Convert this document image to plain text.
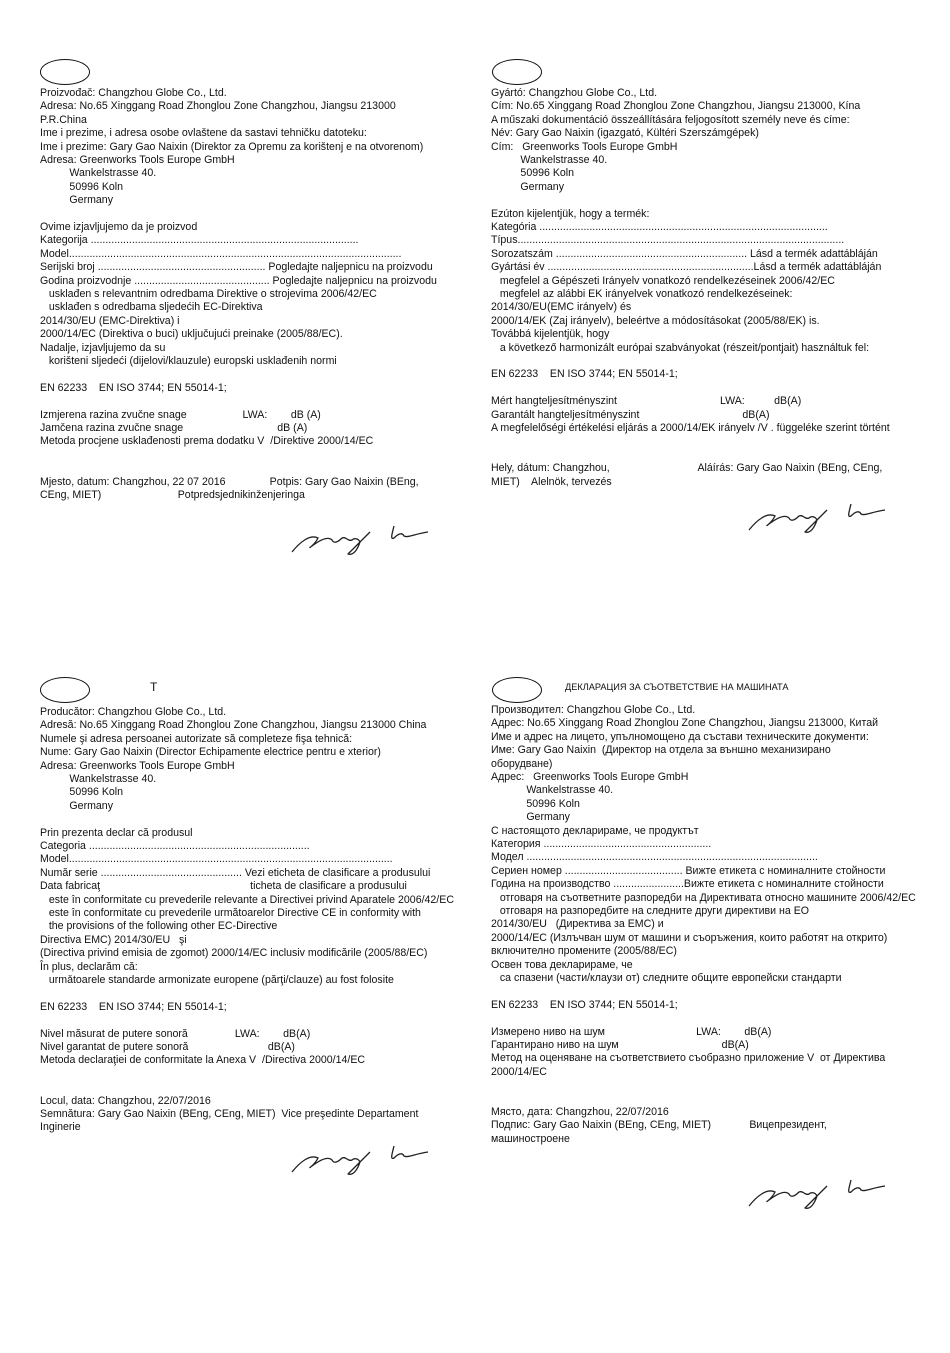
Proizvođač: Changzhou Globe Co., Ltd.
Adresa: No.65 Xinggang Road Zhonglou Zone Changzhou, Jiangsu 213000
P.R.China
Ime i prezime, i adresa osobe ovlaštene da sastavi tehničku datoteku:
Ime i prezime: Gary Gao Naixin (Direktor za Opremu za korištenj e na otvorenom)
Adresa: Greenworks Tools Europe GmbH
Wankelstrasse 40.
50996 Koln
Germany
Ovime izjavljujemo da je proizvod
Kategorija ...........................................................................................
Model.................................................................................................................
Serijski broj ......................................................... Pogledajte naljepnicu na proizvodu
Godina proizvodnje .............................................. Pogledajte naljepnicu na proizvodu
usklađen s relevantnim odredbama Direktive o strojevima 2006/42/EC
usklađen s odredbama sljedećih EC-Direktiva
2014/30/EU (EMC-Direktiva) i
2000/14/EC (Direktiva o buci) uključujući preinake (2005/88/EC).
Nadalje, izjavljujemo da su
korišteni sljedeći (dijelovi/klauzule) europski usklađenih normi
EN 62233    EN ISO 3744; EN 55014-1;
Izmjerena razina zvučne snage                   LWA:        dB (A)
Jamčena razina zvučne snage                                dB (A)
Metoda procjene usklađenosti prema dodatku V  /Direktive 2000/14/EC
Mjesto, datum: Changzhou, 22 07 2016               Potpis: Gary Gao Naixin (BEng,
CEng, MIET)                          Potpredsjednikinženjeringa
Gyártó: Changzhou Globe Co., Ltd.
Cím: No.65 Xinggang Road Zhonglou Zone Changzhou, Jiangsu 213000, Kína
A műszaki dokumentáció összeállítására feljogosított személy neve és címe:
Név: Gary Gao Naixin (igazgató, Kültéri Szerszámgépek)
Cím:   Greenworks Tools Europe GmbH
Wankelstrasse 40.
50996 Koln
Germany
Ezúton kijelentjük, hogy a termék:
Kategória ..................................................................................................
Típus...............................................................................................................
Sorozatszám ................................................................. Lásd a termék adattábláján
Gyártási év ......................................................................Lásd a termék adattábláján
megfelel a Gépészeti Irányelv vonatkozó rendelkezéseinek 2006/42/EC
megfelel az alábbi EK irányelvek vonatkozó rendelkezéseinek:
2014/30/EU(EMC irányelv) és
2000/14/EK (Zaj irányelv), beleértve a módosításokat (2005/88/EK) is.
Továbbá kijelentjük, hogy
a következő harmonizált európai szabványokat (részeit/pontjait) használtuk fel:
EN 62233    EN ISO 3744; EN 55014-1;
Mért hangteljesítményszint                                   LWA:          dB(A)
Garantált hangteljesítményszint                                   dB(A)
A megfelelőségi értékelési eljárás a 2000/14/EK irányelv /V . függeléke szerint történt
Hely, dátum: Changzhou,                              Aláírás: Gary Gao Naixin (BEng, CEng,
MIET)    Alelnök, tervezés
T
Producător: Changzhou Globe Co., Ltd.
Adresă: No.65 Xinggang Road Zhonglou Zone Changzhou, Jiangsu 213000 China
Numele şi adresa persoanei autorizate să completeze fişa tehnică:
Nume: Gary Gao Naixin (Director Echipamente electrice pentru e xterior)
Adresa: Greenworks Tools Europe GmbH
Wankelstrasse 40.
50996 Koln
Germany
Prin prezenta declar că produsul
Categoria ...........................................................................
Model..............................................................................................................
Număr serie ................................................ Vezi eticheta de clasificare a produsului
Data fabricaţ                                                   ticheta de clasificare a produsului
este în conformitate cu prevederile relevante a Directivei privind Aparatele 2006/42/EC
este în conformitate cu prevederile următoarelor Directive CE in conformity with
the provisions of the following other EC-Directive
Directiva EMC) 2014/30/EU   şi
(Directiva privind emisia de zgomot) 2000/14/EC inclusiv modificările (2005/88/EC)
În plus, declarăm că:
urmǎtoarele standarde armonizate europene (părţi/clauze) au fost folosite
EN 62233    EN ISO 3744; EN 55014-1;
Nivel măsurat de putere sonoră                LWA:        dB(A)
Nivel garantat de putere sonoră                           dB(A)
Metoda declaraţiei de conformitate la Anexa V  /Directiva 2000/14/EC
Locul, data: Changzhou, 22/07/2016
Semnătura: Gary Gao Naixin (BEng, CEng, MIET)  Vice preşedinte Departament
Inginerie
ДЕКЛАРАЦИЯ ЗА СЪОТВЕТСТВИЕ НА МАШИНАТА
Производител: Changzhou Globe Co., Ltd.
Адрес: No.65 Xinggang Road Zhonglou Zone Changzhou, Jiangsu 213000, Китай
Име и адрес на лицето, упълномощено да състави техническите документи:
Име: Gary Gao Naixin  (Директор на отдела за външно механизирано
оборудване)
Адрес:   Greenworks Tools Europe GmbH
Wankelstrasse 40.
50996 Koln
Germany
С настоящото декларираме, че продуктът
Категория .........................................................
Модел ...................................................................................................
Сериен номер ........................................ Вижте етикета с номиналните стойности
Година на производство ........................Вижте етикета с номиналните стойности
отговаря на съответните разпоредби на Директивата относно машините 2006/42/EC
отговаря на разпоредбите на следните други директиви на ЕО
2014/30/EU   (Директива за EMC) и
2000/14/EC (Излъчван шум от машини и съоръжения, които работят на открито)
включително промените (2005/88/EC)
Освен това декларираме, че
са спазени (части/клаузи от) следните общите европейски стандарти
EN 62233    EN ISO 3744; EN 55014-1;
Измерено ниво на шум                               LWA:        dB(A)
Гарантирано ниво на шум                                   dB(A)
Метод на оценяване на съответствието съобразно приложение V  от Директива
2000/14/EC
Място, дата: Changzhou, 22/07/2016
Подпис: Gary Gao Naixin (BEng, CEng, MIET)             Вицепрезидент,
машиностроене
